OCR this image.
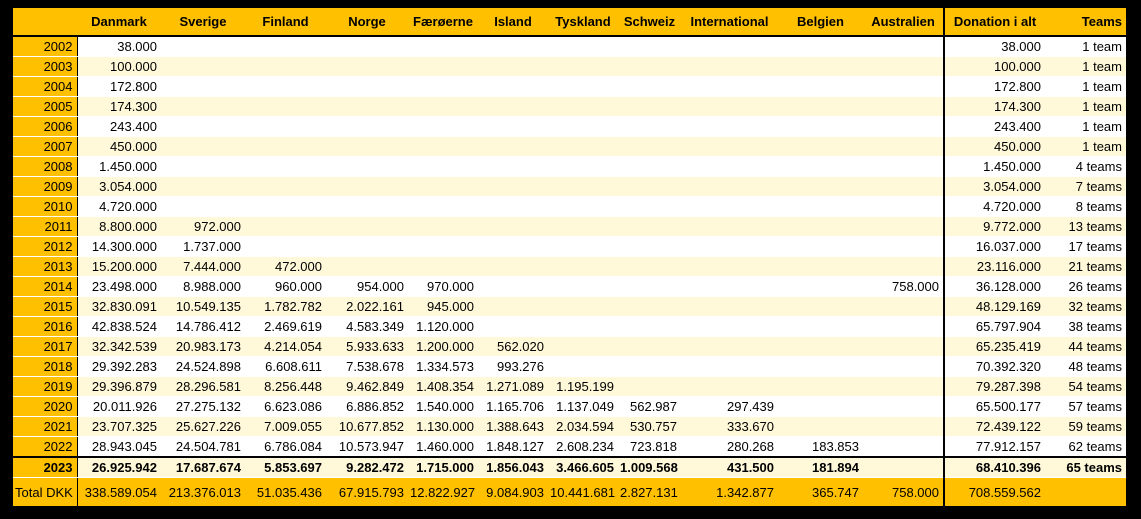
	Danmark	Sverige	Finland	Norge	Færøerne	Island	Tyskland	Schweiz	International	Belgien	Australien	Donation i alt	Teams
2002	38.000											38.000	1 team
2003	100.000											100.000	1 team
2004	172.800											172.800	1 team
2005	174.300											174.300	1 team
2006	243.400											243.400	1 team
2007	450.000											450.000	1 team
2008	1.450.000											1.450.000	4 teams
2009	3.054.000											3.054.000	7 teams
2010	4.720.000											4.720.000	8 teams
2011	8.800.000	972.000										9.772.000	13 teams
2012	14.300.000	1.737.000										16.037.000	17 teams
2013	15.200.000	7.444.000	472.000									23.116.000	21 teams
2014	23.498.000	8.988.000	960.000	954.000	970.000						758.000	36.128.000	26 teams
2015	32.830.091	10.549.135	1.782.782	2.022.161	945.000							48.129.169	32 teams
2016	42.838.524	14.786.412	2.469.619	4.583.349	1.120.000							65.797.904	38 teams
2017	32.342.539	20.983.173	4.214.054	5.933.633	1.200.000	562.020						65.235.419	44 teams
2018	29.392.283	24.524.898	6.608.611	7.538.678	1.334.573	993.276						70.392.320	48 teams
2019	29.396.879	28.296.581	8.256.448	9.462.849	1.408.354	1.271.089	1.195.199					79.287.398	54 teams
2020	20.011.926	27.275.132	6.623.086	6.886.852	1.540.000	1.165.706	1.137.049	562.987	297.439			65.500.177	57 teams
2021	23.707.325	25.627.226	7.009.055	10.677.852	1.130.000	1.388.643	2.034.594	530.757	333.670			72.439.122	59 teams
2022	28.943.045	24.504.781	6.786.084	10.573.947	1.460.000	1.848.127	2.608.234	723.818	280.268	183.853		77.912.157	62 teams
2023	26.925.942	17.687.674	5.853.697	9.282.472	1.715.000	1.856.043	3.466.605	1.009.568	431.500	181.894		68.410.396	65 teams
Total DKK	338.589.054	213.376.013	51.035.436	67.915.793	12.822.927	9.084.903	10.441.681	2.827.131	1.342.877	365.747	758.000	708.559.562	
